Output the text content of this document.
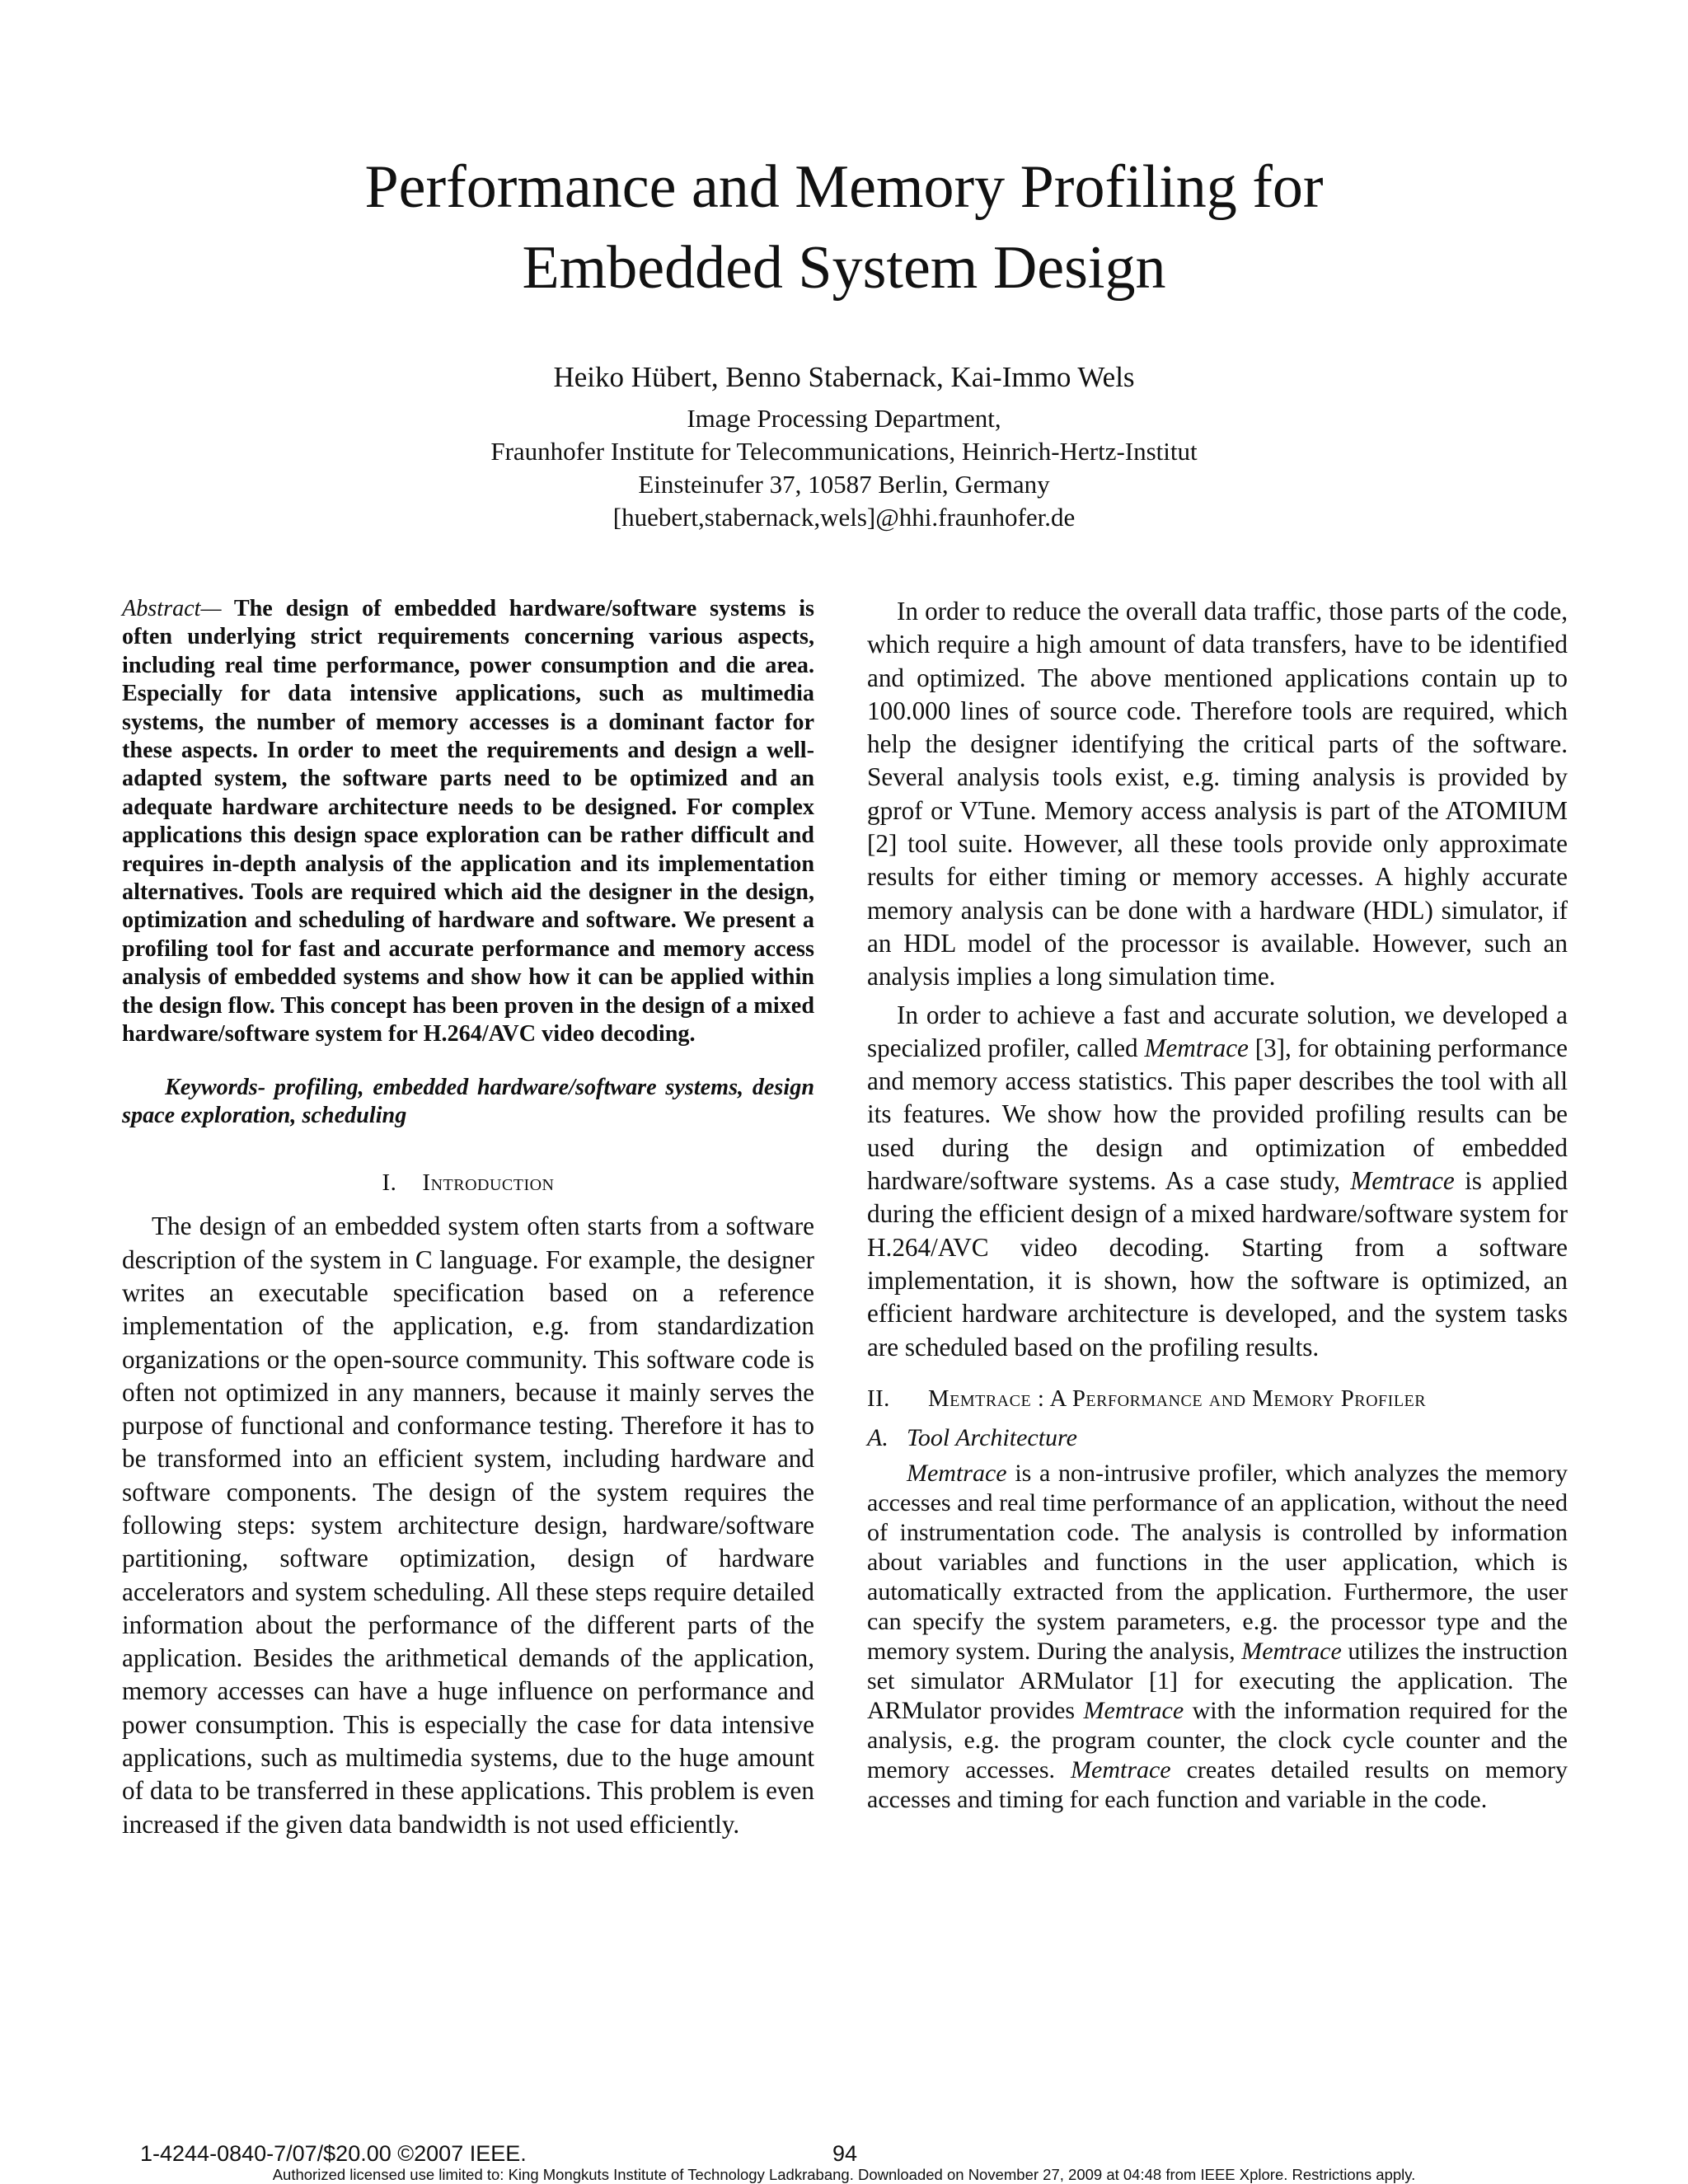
Performance and Memory Profiling for
Embedded System Design
Heiko Hübert, Benno Stabernack, Kai-Immo Wels
Image Processing Department,
Fraunhofer Institute for Telecommunications, Heinrich-Hertz-Institut
Einsteinufer 37, 10587 Berlin, Germany
[huebert,stabernack,wels]@hhi.fraunhofer.de

Abstract— The design of embedded hardware/software systems is often underlying strict requirements concerning various aspects, including real time performance, power consumption and die area. Especially for data intensive applications, such as multimedia systems, the number of memory accesses is a dominant factor for these aspects. In order to meet the requirements and design a well-adapted system, the software parts need to be optimized and an adequate hardware architecture needs to be designed. For complex applications this design space exploration can be rather difficult and requires in-depth analysis of the application and its implementation alternatives. Tools are required which aid the designer in the design, optimization and scheduling of hardware and software. We present a profiling tool for fast and accurate performance and memory access analysis of embedded systems and show how it can be applied within the design flow. This concept has been proven in the design of a mixed hardware/software system for H.264/AVC video decoding.

Keywords- profiling, embedded hardware/software systems, design space exploration, scheduling

I. Introduction

The design of an embedded system often starts from a software description of the system in C language. For example, the designer writes an executable specification based on a reference implementation of the application, e.g. from standardization organizations or the open-source community. This software code is often not optimized in any manners, because it mainly serves the purpose of functional and conformance testing. Therefore it has to be transformed into an efficient system, including hardware and software components. The design of the system requires the following steps: system architecture design, hardware/software partitioning, software optimization, design of hardware accelerators and system scheduling. All these steps require detailed information about the performance of the different parts of the application. Besides the arithmetical demands of the application, memory accesses can have a huge influence on performance and power consumption. This is especially the case for data intensive applications, such as multimedia systems, due to the huge amount of data to be transferred in these applications. This problem is even increased if the given data bandwidth is not used efficiently.

In order to reduce the overall data traffic, those parts of the code, which require a high amount of data transfers, have to be identified and optimized. The above mentioned applications contain up to 100.000 lines of source code. Therefore tools are required, which help the designer identifying the critical parts of the software. Several analysis tools exist, e.g. timing analysis is provided by gprof or VTune. Memory access analysis is part of the ATOMIUM [2] tool suite. However, all these tools provide only approximate results for either timing or memory accesses. A highly accurate memory analysis can be done with a hardware (HDL) simulator, if an HDL model of the processor is available. However, such an analysis implies a long simulation time.

In order to achieve a fast and accurate solution, we developed a specialized profiler, called Memtrace [3], for obtaining performance and memory access statistics. This paper describes the tool with all its features. We show how the provided profiling results can be used during the design and optimization of embedded hardware/software systems. As a case study, Memtrace is applied during the efficient design of a mixed hardware/software system for H.264/AVC video decoding. Starting from a software implementation, it is shown, how the software is optimized, an efficient hardware architecture is developed, and the system tasks are scheduled based on the profiling results.

II. Memtrace : A Performance and Memory Profiler
A. Tool Architecture

Memtrace is a non-intrusive profiler, which analyzes the memory accesses and real time performance of an application, without the need of instrumentation code. The analysis is controlled by information about variables and functions in the user application, which is automatically extracted from the application. Furthermore, the user can specify the system parameters, e.g. the processor type and the memory system. During the analysis, Memtrace utilizes the instruction set simulator ARMulator [1] for executing the application. The ARMulator provides Memtrace with the information required for the analysis, e.g. the program counter, the clock cycle counter and the memory accesses. Memtrace creates detailed results on memory accesses and timing for each function and variable in the code.

1-4244-0840-7/07/$20.00 ©2007 IEEE.	94
Authorized licensed use limited to: King Mongkuts Institute of Technology Ladkrabang. Downloaded on November 27, 2009 at 04:48 from IEEE Xplore. Restrictions apply.
